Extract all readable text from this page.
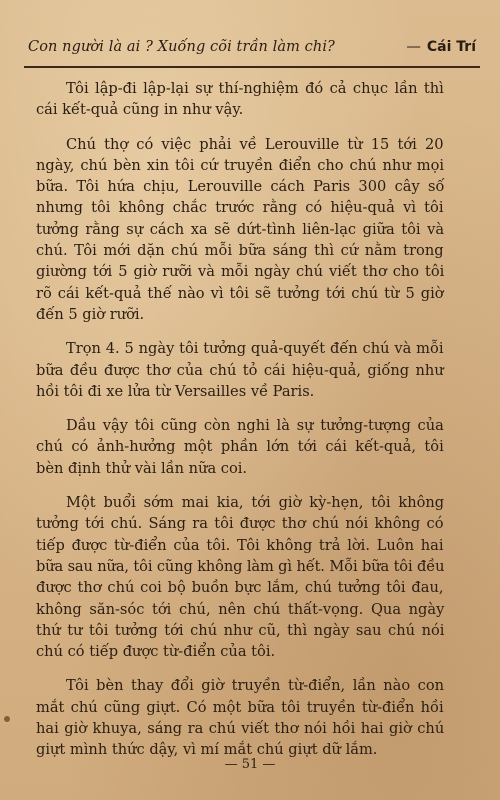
Con người là ai ? Xuống cõi trần làm chi?	— Cái Trí

Tôi lập-đi lập-lại sự thí-nghiệm đó cả chục lần thì
cái kết-quả cũng in như vậy.

Chú thợ có việc phải về Lerouville từ 15 tới 20
ngày, chú bèn xin tôi cứ truyền điển cho chú như mọi
bữa. Tôi hứa chịu, Lerouville cách Paris 300 cây số
nhưng tôi không chắc trước rằng có hiệu-quả vì tôi
tưởng rằng sự cách xa sẽ dứt-tình liên-lạc giữa tôi và
chú. Tôi mới dặn chú mỗi bữa sáng thì cứ nằm trong
giường tới 5 giờ rưỡi và mỗi ngày chú viết thơ cho tôi
rõ cái kết-quả thế nào vì tôi sẽ tưởng tới chú từ 5 giờ
đến 5 giờ rưỡi.

Trọn 4. 5 ngày tôi tưởng quả-quyết đến chú và mỗi
bữa đều được thơ của chú tỏ cái hiệu-quả, giống như
hồi tôi đi xe lửa từ Versailles về Paris.

Dầu vậy tôi cũng còn nghi là sự tưởng-tượng của
chú có ảnh-hưởng một phần lớn tới cái kết-quả, tôi
bèn định thử vài lần nữa coi.

Một buổi sớm mai kia, tới giờ kỳ-hẹn, tôi không
tưởng tới chú. Sáng ra tôi được thơ chú nói không có
tiếp được từ-điển của tôi. Tôi không trả lời. Luôn hai
bữa sau nữa, tôi cũng không làm gì hết. Mỗi bữa tôi đều
được thơ chú coi bộ buồn bực lắm, chú tưởng tôi đau,
không săn-sóc tới chú, nên chú thất-vọng. Qua ngày
thứ tư tôi tưởng tới chú như cũ, thì ngày sau chú nói
chú có tiếp được từ-điển của tôi.

Tôi bèn thay đổi giờ truyền từ-điển, lần nào con
mắt chú cũng giựt. Có một bữa tôi truyền từ-điển hồi
hai giờ khuya, sáng ra chú viết thơ nói hồi hai giờ chú
giựt mình thức dậy, vì mí mắt chú giựt dữ lắm.

— 51 —
